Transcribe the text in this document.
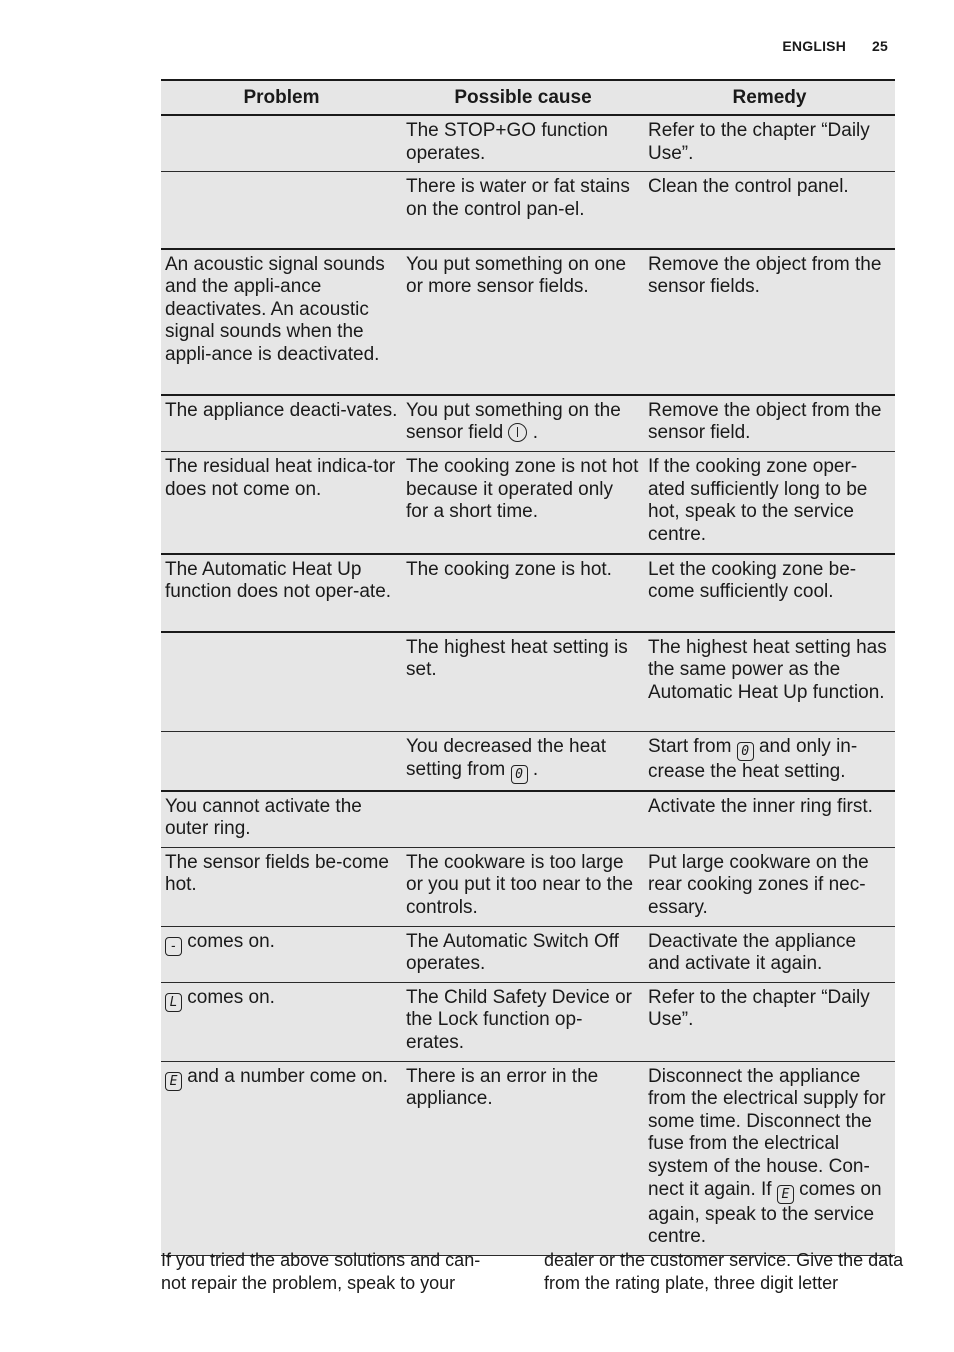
ENGLISH 25
Problem	Possible cause	Remedy
	The STOP+GO function operates.	Refer to the chapter “Daily Use”.
	There is water or fat stains on the control pan-el.	Clean the control panel.
An acoustic signal sounds and the appli-ance deactivates. An acoustic signal sounds when the appli-ance is deactivated.	You put something on one or more sensor fields.	Remove the object from the sensor fields.
The appliance deacti-vates.	You put something on the sensor field .	Remove the object from the sensor field.
The residual heat indica-tor does not come on.	The cooking zone is not hot because it operated only for a short time.	If the cooking zone oper-ated sufficiently long to be hot, speak to the service centre.
The Automatic Heat Up function does not oper-ate.	The cooking zone is hot.	Let the cooking zone be-come sufficiently cool.
	The highest heat setting is set.	The highest heat setting has the same power as the Automatic Heat Up function.
	You decreased the heat setting from 0 .	Start from 0 and only in-crease the heat setting.
You cannot activate the outer ring.		Activate the inner ring first.
The sensor fields be-come hot.	The cookware is too large or you put it too near to the controls.	Put large cookware on the rear cooking zones if nec-essary.
- comes on.	The Automatic Switch Off operates.	Deactivate the appliance and activate it again.
L comes on.	The Child Safety Device or the Lock function op-erates.	Refer to the chapter “Daily Use”.
E and a number come on.	There is an error in the appliance.	Disconnect the appliance from the electrical supply for some time. Disconnect the fuse from the electrical system of the house. Con-nect it again. If E comes on again, speak to the service centre.
If you tried the above solutions and can-not repair the problem, speak to your
dealer or the customer service. Give the data from the rating plate, three digit letter
